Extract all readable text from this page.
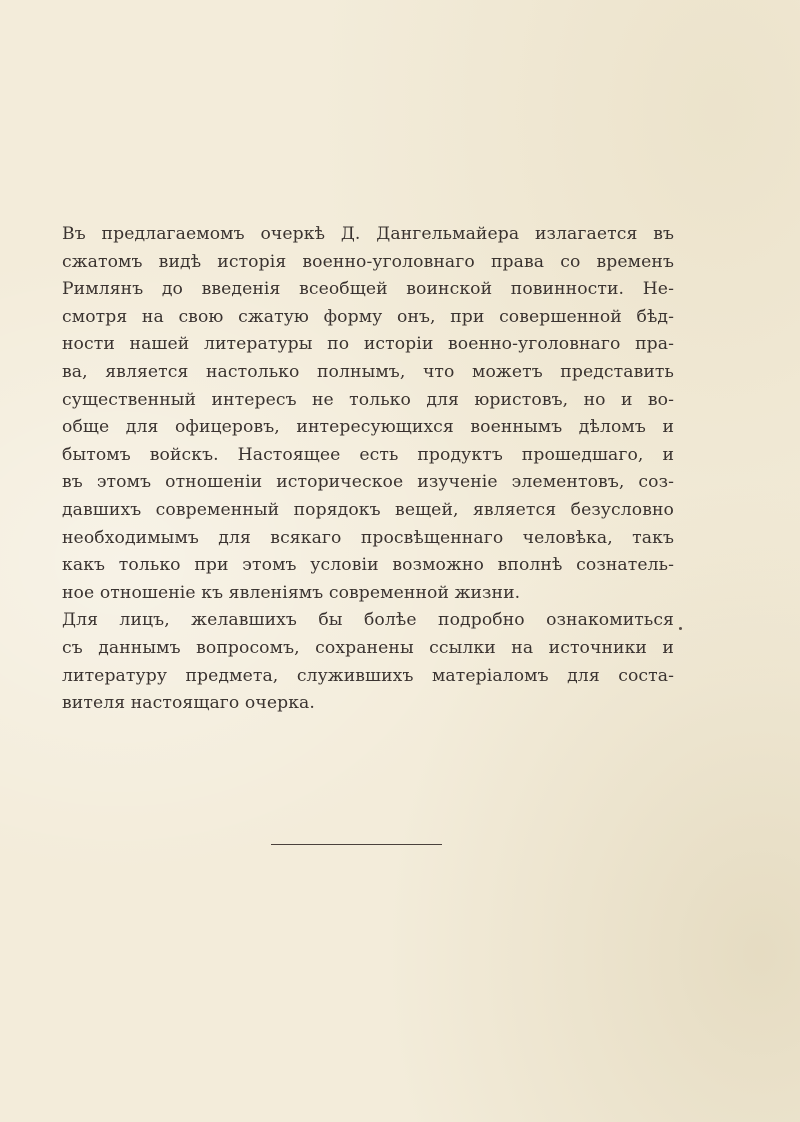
Въ предлагаемомъ очеркѣ Д. Дангельмайера излагается въ
сжатомъ видѣ исторія военно-уголовнаго права со временъ
Римлянъ до введенія всеобщей воинской повинности. Не-
смотря на свою сжатую форму онъ, при совершенной бѣд-
ности нашей литературы по исторіи военно-уголовнаго пра-
ва, является настолько полнымъ, что можетъ представить
существенный интересъ не только для юристовъ, но и во-
обще для офицеровъ, интересующихся военнымъ дѣломъ и
бытомъ войскъ. Настоящее есть продуктъ прошедшаго, и
въ этомъ отношеніи историческое изученіе элементовъ, соз-
давшихъ современный порядокъ вещей, является безусловно
необходимымъ для всякаго просвѣщеннаго человѣка, такъ
какъ только при этомъ условіи возможно вполнѣ сознатель-
ное отношеніе къ явленіямъ современной жизни.
Для лицъ, желавшихъ бы болѣе подробно ознакомиться
съ даннымъ вопросомъ, сохранены ссылки на источники и
литературу предмета, служившихъ матеріаломъ для соста-
вителя настоящаго очерка.
